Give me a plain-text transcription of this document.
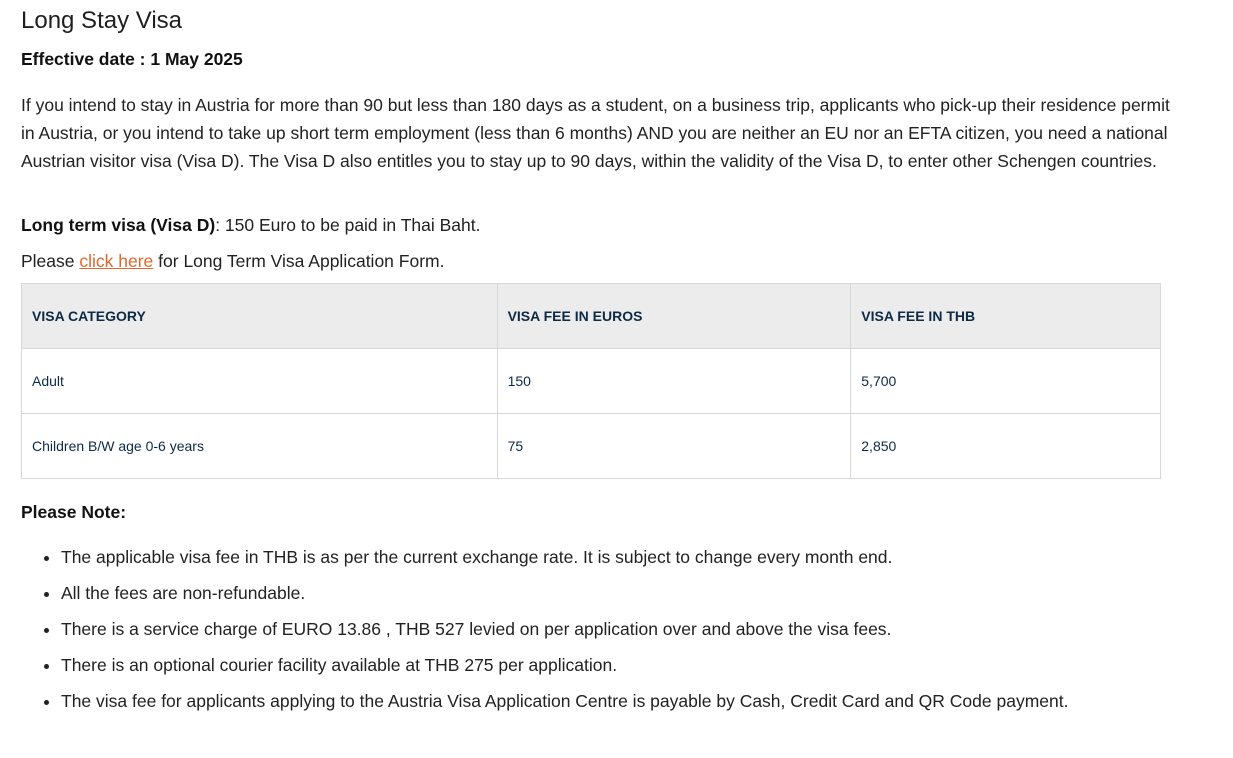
Long Stay Visa

Effective date : 1 May 2025

If you intend to stay in Austria for more than 90 but less than 180 days as a student, on a business trip, applicants who pick-up their residence permit in Austria, or you intend to take up short term employment (less than 6 months) AND you are neither an EU nor an EFTA citizen, you need a national Austrian visitor visa (Visa D). The Visa D also entitles you to stay up to 90 days, within the validity of the Visa D, to enter other Schengen countries.

Long term visa (Visa D): 150 Euro to be paid in Thai Baht.

Please click here for Long Term Visa Application Form.

VISA CATEGORY	VISA FEE IN EUROS	VISA FEE IN THB
Adult	150	5,700
Children B/W age 0-6 years	75	2,850

Please Note:

• The applicable visa fee in THB is as per the current exchange rate. It is subject to change every month end.
• All the fees are non-refundable.
• There is a service charge of EURO 13.86 , THB 527 levied on per application over and above the visa fees.
• There is an optional courier facility available at THB 275 per application.
• The visa fee for applicants applying to the Austria Visa Application Centre is payable by Cash, Credit Card and QR Code payment.
